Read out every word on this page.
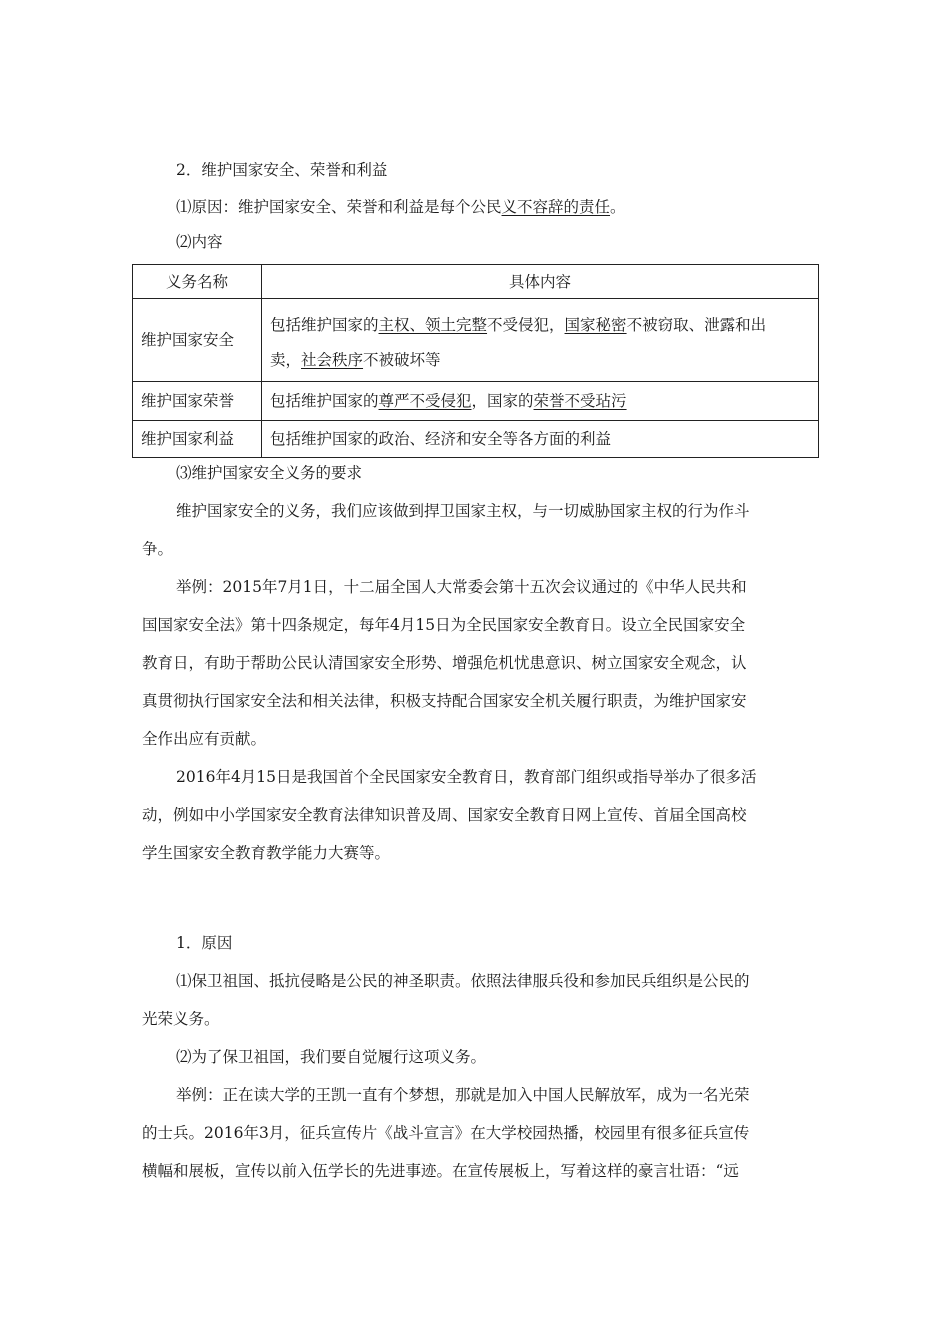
2．维护国家安全、荣誉和利益
⑴原因：维护国家安全、荣誉和利益是每个公民义不容辞的责任。
⑵内容
义务名称	具体内容
维护国家安全	包括维护国家的主权、领土完整不受侵犯，国家秘密不被窃取、泄露和出
卖，社会秩序不被破坏等

维护国家荣誉	包括维护国家的尊严不受侵犯，国家的荣誉不受玷污

维护国家利益	包括维护国家的政治、经济和安全等各方面的利益
⑶维护国家安全义务的要求
维护国家安全的义务，我们应该做到捍卫国家主权，与一切威胁国家主权的行为作斗
争。
举例：2015年7月1日，十二届全国人大常委会第十五次会议通过的《中华人民共和
国国家安全法》第十四条规定，每年4月15日为全民国家安全教育日。设立全民国家安全
教育日，有助于帮助公民认清国家安全形势、增强危机忧患意识、树立国家安全观念，认
真贯彻执行国家安全法和相关法律，积极支持配合国家安全机关履行职责，为维护国家安
全作出应有贡献。
2016年4月15日是我国首个全民国家安全教育日，教育部门组织或指导举办了很多活
动，例如中小学国家安全教育法律知识普及周、国家安全教育日网上宣传、首届全国高校
学生国家安全教育教学能力大赛等。
1．原因
⑴保卫祖国、抵抗侵略是公民的神圣职责。依照法律服兵役和参加民兵组织是公民的
光荣义务。
⑵为了保卫祖国，我们要自觉履行这项义务。
举例：正在读大学的王凯一直有个梦想，那就是加入中国人民解放军，成为一名光荣
的士兵。2016年3月，征兵宣传片《战斗宣言》在大学校园热播，校园里有很多征兵宣传
横幅和展板，宣传以前入伍学长的先进事迹。在宣传展板上，写着这样的豪言壮语：“远
